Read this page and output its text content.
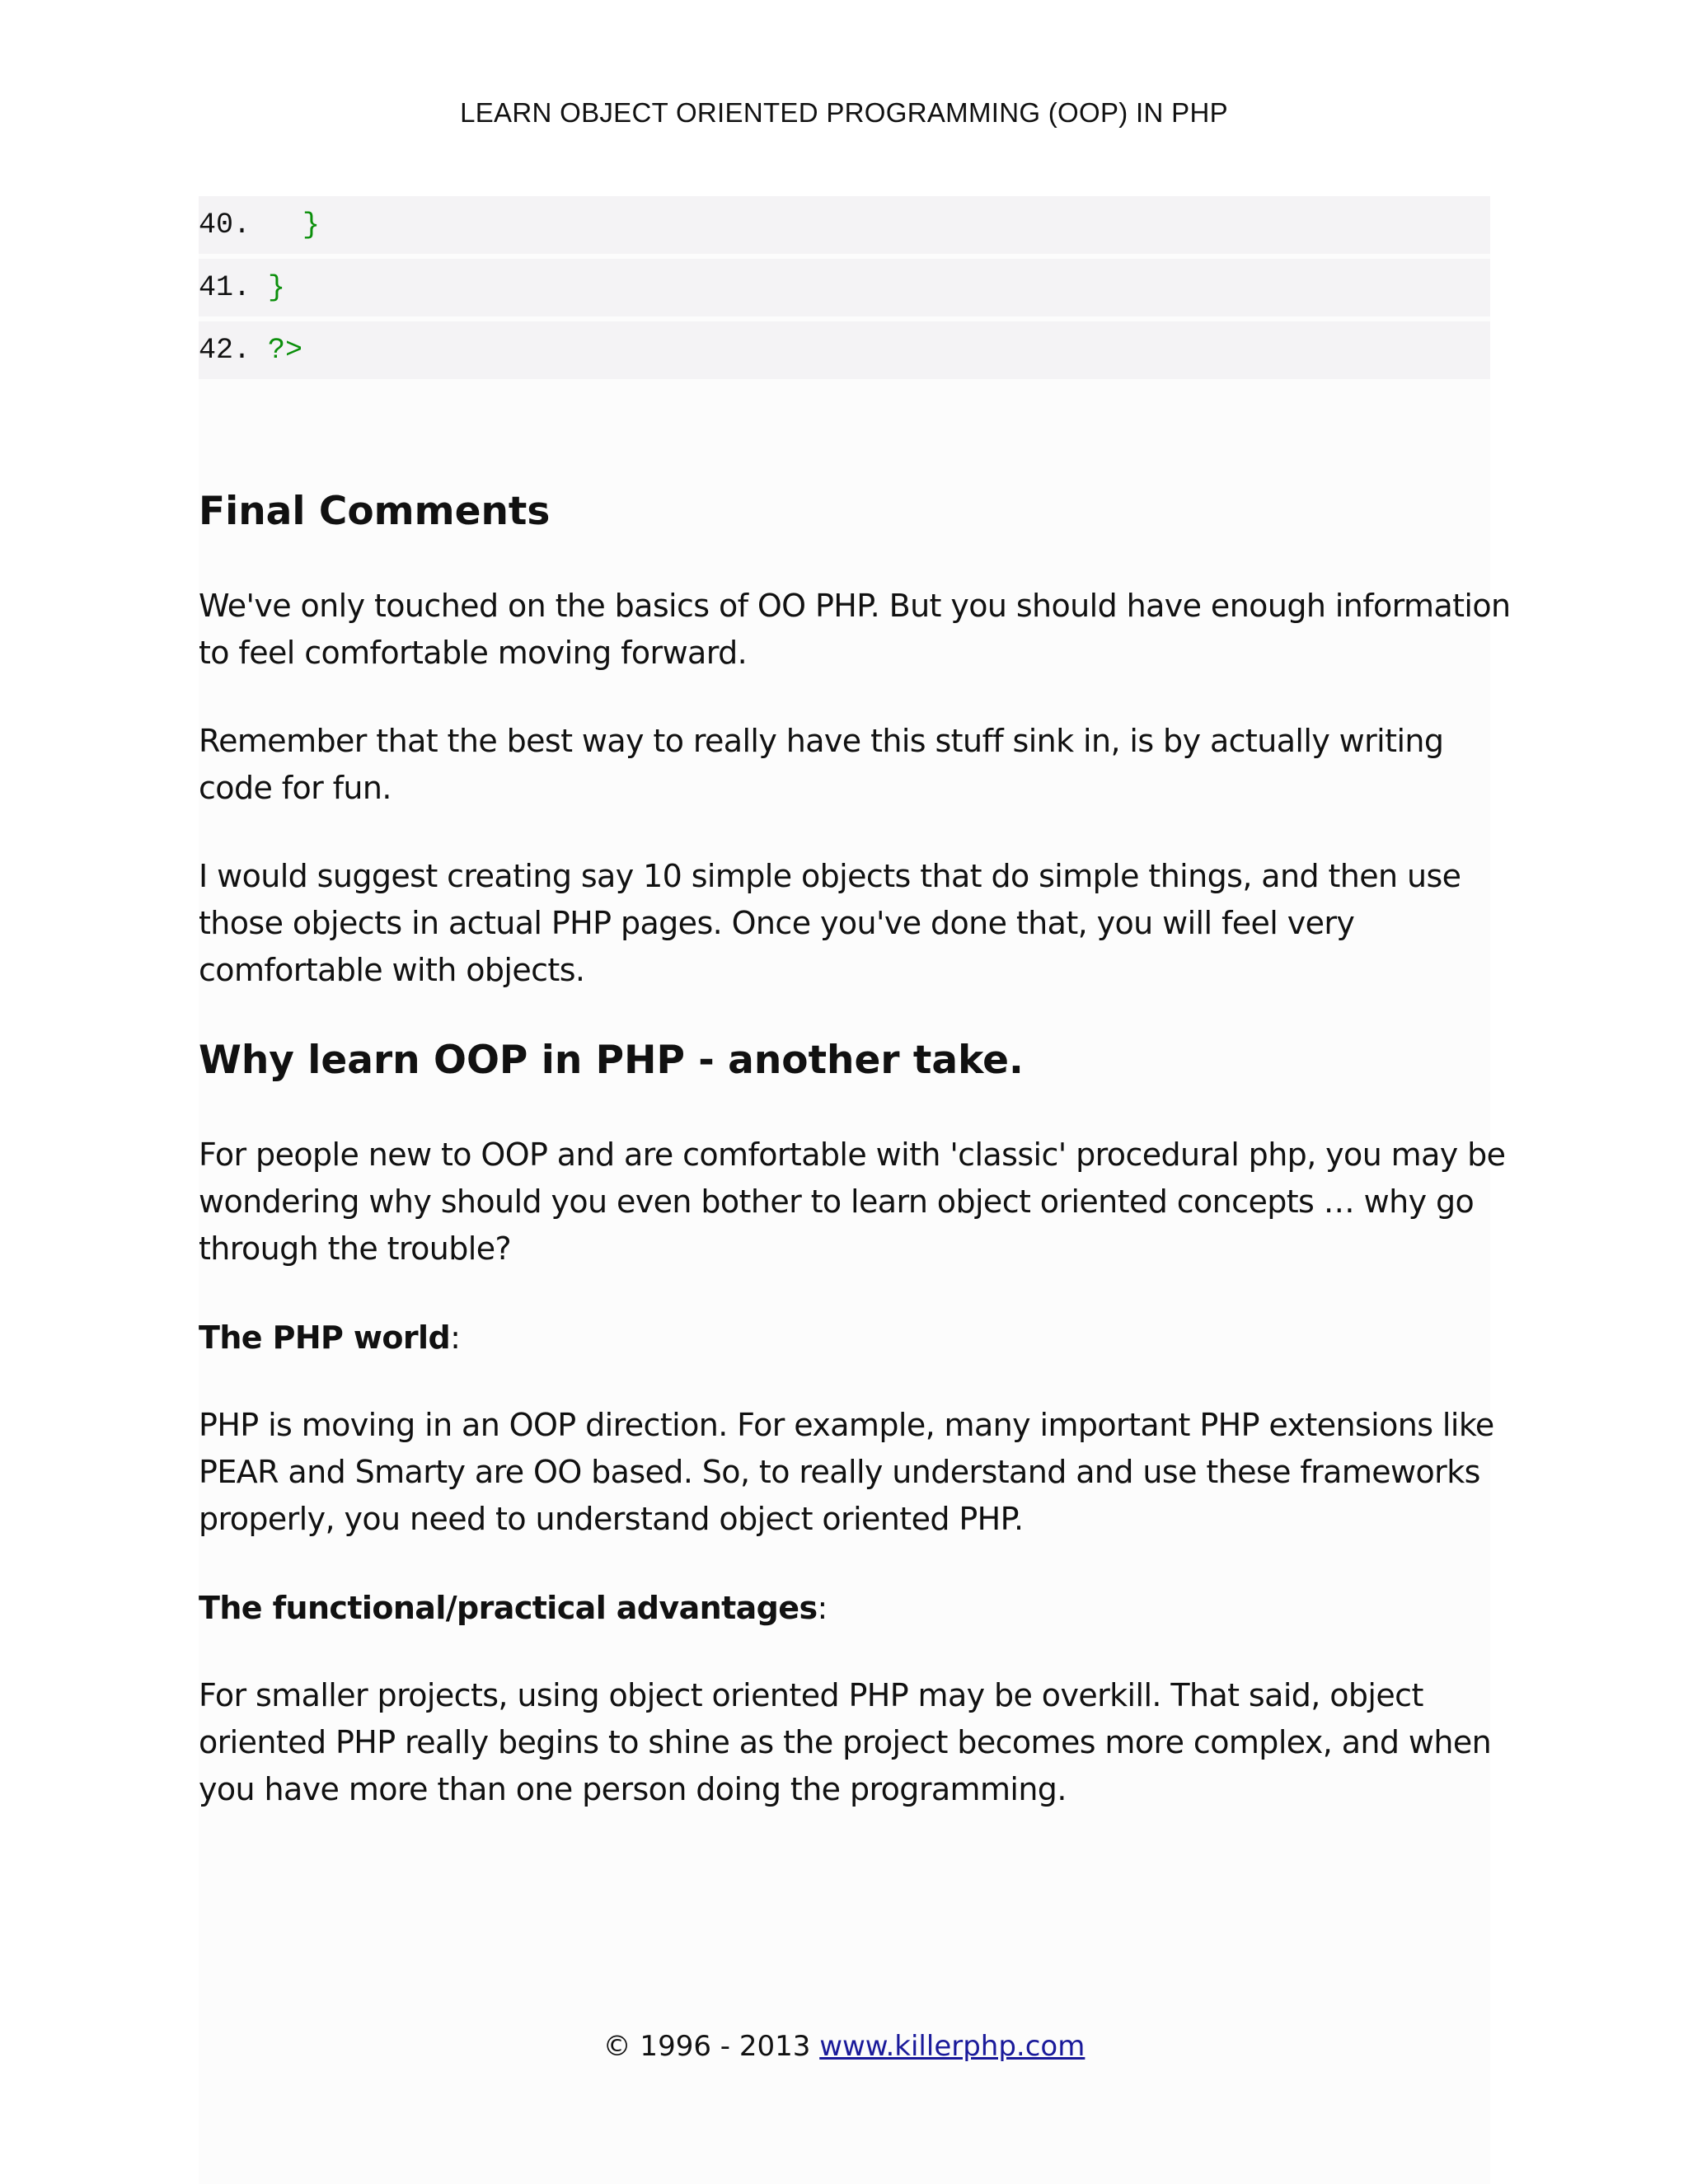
LEARN OBJECT ORIENTED PROGRAMMING (OOP) IN PHP
40.   }
41. }
42. ?>
Final Comments

We've only touched on the basics of OO PHP. But you should have enough information to feel comfortable moving forward.

Remember that the best way to really have this stuff sink in, is by actually writing code for fun.

I would suggest creating say 10 simple objects that do simple things, and then use those objects in actual PHP pages. Once you've done that, you will feel very comfortable with objects.

Why learn OOP in PHP - another take.

For people new to OOP and are comfortable with 'classic' procedural php, you may be wondering why should you even bother to learn object oriented concepts … why go through the trouble?

The PHP world:

PHP is moving in an OOP direction. For example, many important PHP extensions like PEAR and Smarty are OO based. So, to really understand and use these frameworks properly, you need to understand object oriented PHP.

The functional/practical advantages:

For smaller projects, using object oriented PHP may be overkill. That said, object oriented PHP really begins to shine as the project becomes more complex, and when you have more than one person doing the programming.

© 1996 - 2013 www.killerphp.com
